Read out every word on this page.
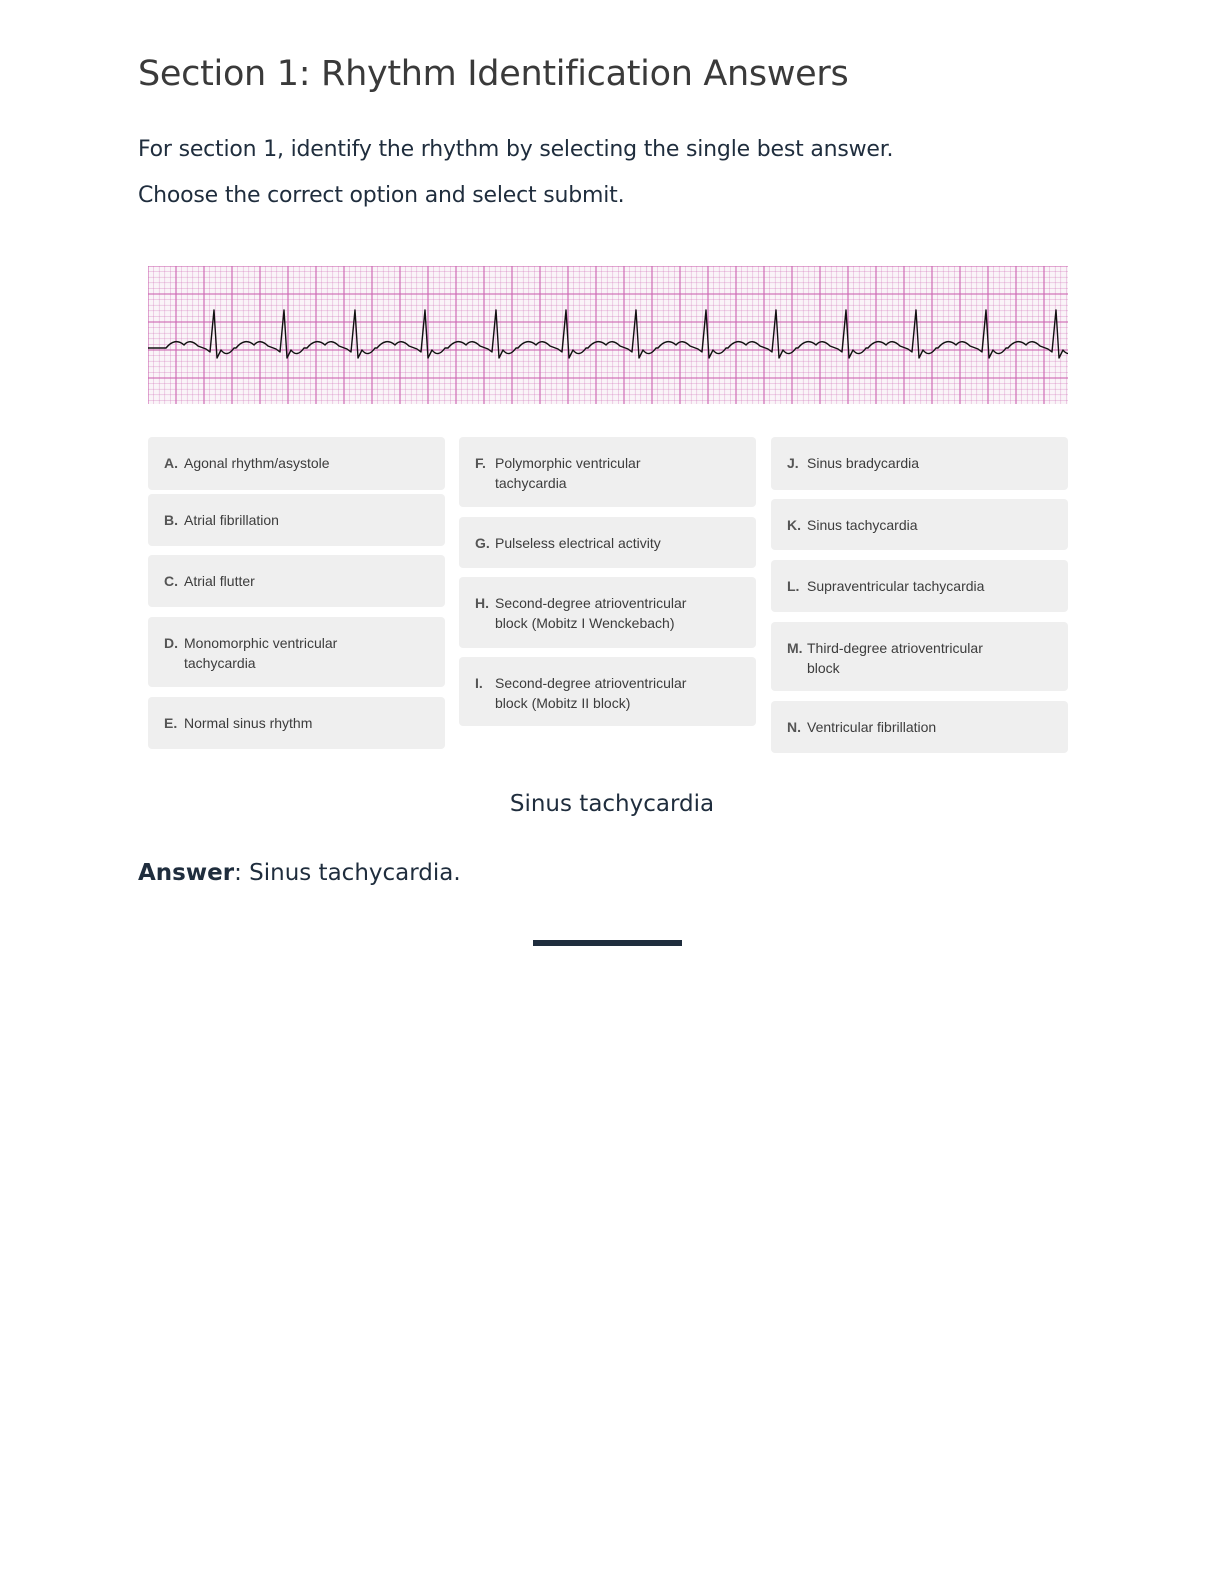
Section 1: Rhythm Identification Answers

For section 1, identify the rhythm by selecting the single best answer.

Choose the correct option and select submit.

A. Agonal rhythm/asystole
B. Atrial fibrillation
C. Atrial flutter
D. Monomorphic ventricular tachycardia
E. Normal sinus rhythm
F. Polymorphic ventricular tachycardia
G. Pulseless electrical activity
H. Second-degree atrioventricular block (Mobitz I Wenckebach)
I. Second-degree atrioventricular block (Mobitz II block)
J. Sinus bradycardia
K. Sinus tachycardia
L. Supraventricular tachycardia
M. Third-degree atrioventricular block
N. Ventricular fibrillation

Sinus tachycardia

Answer: Sinus tachycardia.
